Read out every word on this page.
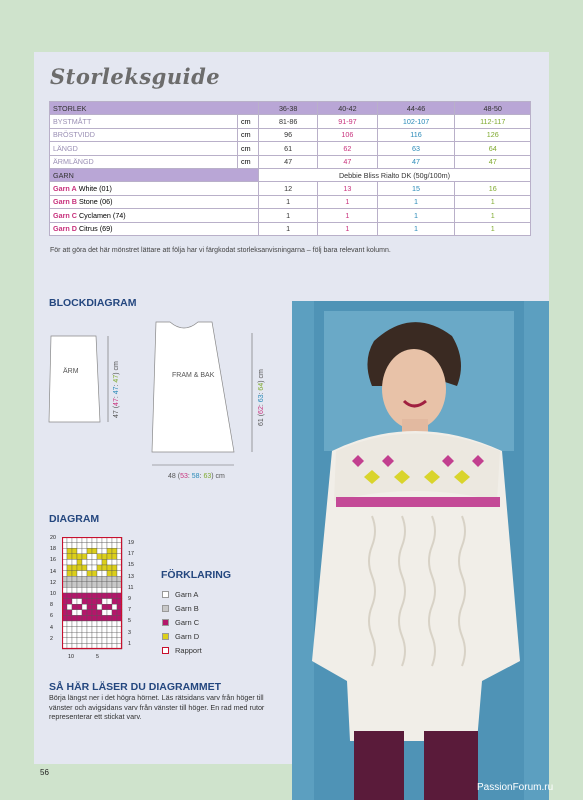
Storleksguide
STORLEK		36-38	40-42	44-46	48-50
BYSTMÅTT	cm	81-86	91-97	102-107	112-117
BRÖSTVIDD	cm	96	106	116	126
LÄNGD	cm	61	62	63	64
ÄRMLÄNGD	cm	47	47	47	47
GARN		Debbie Bliss Rialto DK (50g/100m)			
Garn A White (01)		12	13	15	16
Garn B Stone (06)		1	1	1	1
Garn C Cyclamen (74)		1	1	1	1
Garn D Citrus (69)		1	1	1	1
För att göra det här mönstret lättare att följa har vi färgkodat storleksanvisningarna – följ bara relevant kolumn.
BLOCKDIAGRAM
ÄRM
FRAM & BAK
47 (47: 47: 47) cm
61 (62: 63: 64) cm
48 (53: 58: 63) cm
DIAGRAM
20
18
16
14
12
10
8
6
4
2
19
17
15
13
11
9
7
5
3
1
10	5
FÖRKLARING
Garn A
Garn B
Garn C
Garn D
Rapport
SÅ HÄR LÄSER DU DIAGRAMMET
Börja längst ner i det högra hörnet. Läs rätsidans varv från höger till vänster och avigsidans varv från vänster till höger. En rad med rutor representerar ett stickat varv.
56
PassionForum.ru
